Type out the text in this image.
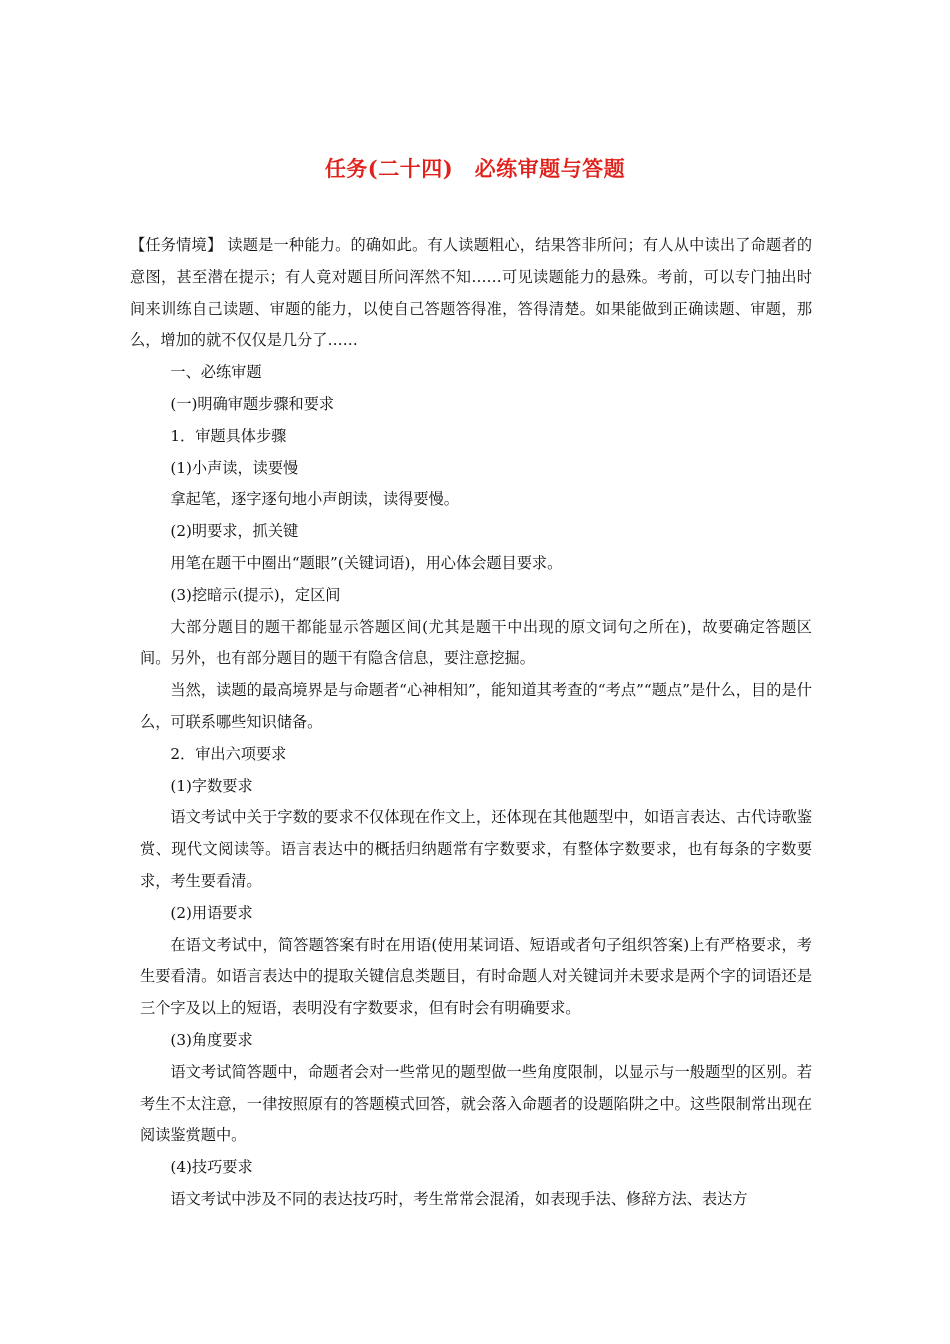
任务(二十四)　必练审题与答题

【任务情境】 读题是一种能力。的确如此。有人读题粗心，结果答非所问；有人从中读出了命题者的意图，甚至潜在提示；有人竟对题目所问浑然不知……可见读题能力的悬殊。考前，可以专门抽出时间来训练自己读题、审题的能力，以使自己答题答得准，答得清楚。如果能做到正确读题、审题，那么，增加的就不仅仅是几分了……

一、必练审题

(一)明确审题步骤和要求

1．审题具体步骤

(1)小声读，读要慢

拿起笔，逐字逐句地小声朗读，读得要慢。

(2)明要求，抓关键

用笔在题干中圈出“题眼”(关键词语)，用心体会题目要求。

(3)挖暗示(提示)，定区间

大部分题目的题干都能显示答题区间(尤其是题干中出现的原文词句之所在)，故要确定答题区间。另外，也有部分题目的题干有隐含信息，要注意挖掘。

当然，读题的最高境界是与命题者“心神相知”，能知道其考查的“考点”“题点”是什么，目的是什么，可联系哪些知识储备。

2．审出六项要求

(1)字数要求

语文考试中关于字数的要求不仅体现在作文上，还体现在其他题型中，如语言表达、古代诗歌鉴赏、现代文阅读等。语言表达中的概括归纳题常有字数要求，有整体字数要求，也有每条的字数要求，考生要看清。

(2)用语要求

在语文考试中，简答题答案有时在用语(使用某词语、短语或者句子组织答案)上有严格要求，考生要看清。如语言表达中的提取关键信息类题目，有时命题人对关键词并未要求是两个字的词语还是三个字及以上的短语，表明没有字数要求，但有时会有明确要求。

(3)角度要求

语文考试简答题中，命题者会对一些常见的题型做一些角度限制，以显示与一般题型的区别。若考生不太注意，一律按照原有的答题模式回答，就会落入命题者的设题陷阱之中。这些限制常出现在阅读鉴赏题中。

(4)技巧要求

语文考试中涉及不同的表达技巧时，考生常常会混淆，如表现手法、修辞方法、表达方
